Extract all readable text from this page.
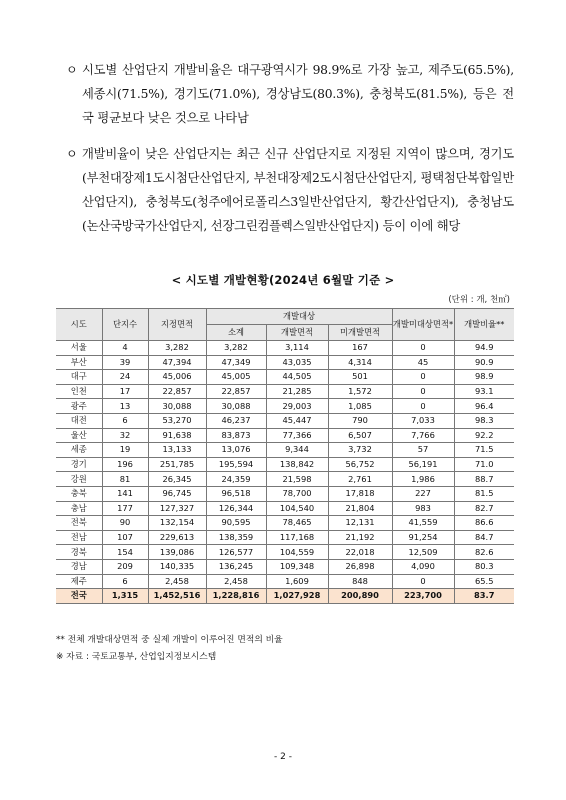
ㅇ 시도별 산업단지 개발비율은 대구광역시가 98.9%로 가장 높고, 제주도(65.5%), 세종시(71.5%), 경기도(71.0%), 경상남도(80.3%), 충청북도(81.5%), 등은 전국 평균보다 낮은 것으로 나타남
ㅇ 개발비율이 낮은 산업단지는 최근 신규 산업단지로 지정된 지역이 많으며, 경기도(부천대장제1도시첨단산업단지, 부천대장제2도시첨단산업단지, 평택첨단복합일반산업단지), 충청북도(청주에어로폴리스3일반산업단지, 황간산업단지), 충청남도(논산국방국가산업단지, 선장그린컴플렉스일반산업단지) 등이 이에 해당
< 시도별 개발현황(2024년 6월말 기준 >
(단위 : 개, 천㎡)
시도	단지수	지정면적	개발대상			개발미대상면적*	개발비율**
			소계	개발면적	미개발면적		
서울	4	3,282	3,282	3,114	167	0	94.9
부산	39	47,394	47,349	43,035	4,314	45	90.9
대구	24	45,006	45,005	44,505	501	0	98.9
인천	17	22,857	22,857	21,285	1,572	0	93.1
광주	13	30,088	30,088	29,003	1,085	0	96.4
대전	6	53,270	46,237	45,447	790	7,033	98.3
울산	32	91,638	83,873	77,366	6,507	7,766	92.2
세종	19	13,133	13,076	9,344	3,732	57	71.5
경기	196	251,785	195,594	138,842	56,752	56,191	71.0
강원	81	26,345	24,359	21,598	2,761	1,986	88.7
충북	141	96,745	96,518	78,700	17,818	227	81.5
충남	177	127,327	126,344	104,540	21,804	983	82.7
전북	90	132,154	90,595	78,465	12,131	41,559	86.6
전남	107	229,613	138,359	117,168	21,192	91,254	84.7
경북	154	139,086	126,577	104,559	22,018	12,509	82.6
경남	209	140,335	136,245	109,348	26,898	4,090	80.3
제주	6	2,458	2,458	1,609	848	0	65.5
전국	1,315	1,452,516	1,228,816	1,027,928	200,890	223,700	83.7
** 전체 개발대상면적 중 실제 개발이 이루어진 면적의 비율
※ 자료 : 국토교통부, 산업입지정보시스템
- 2 -
